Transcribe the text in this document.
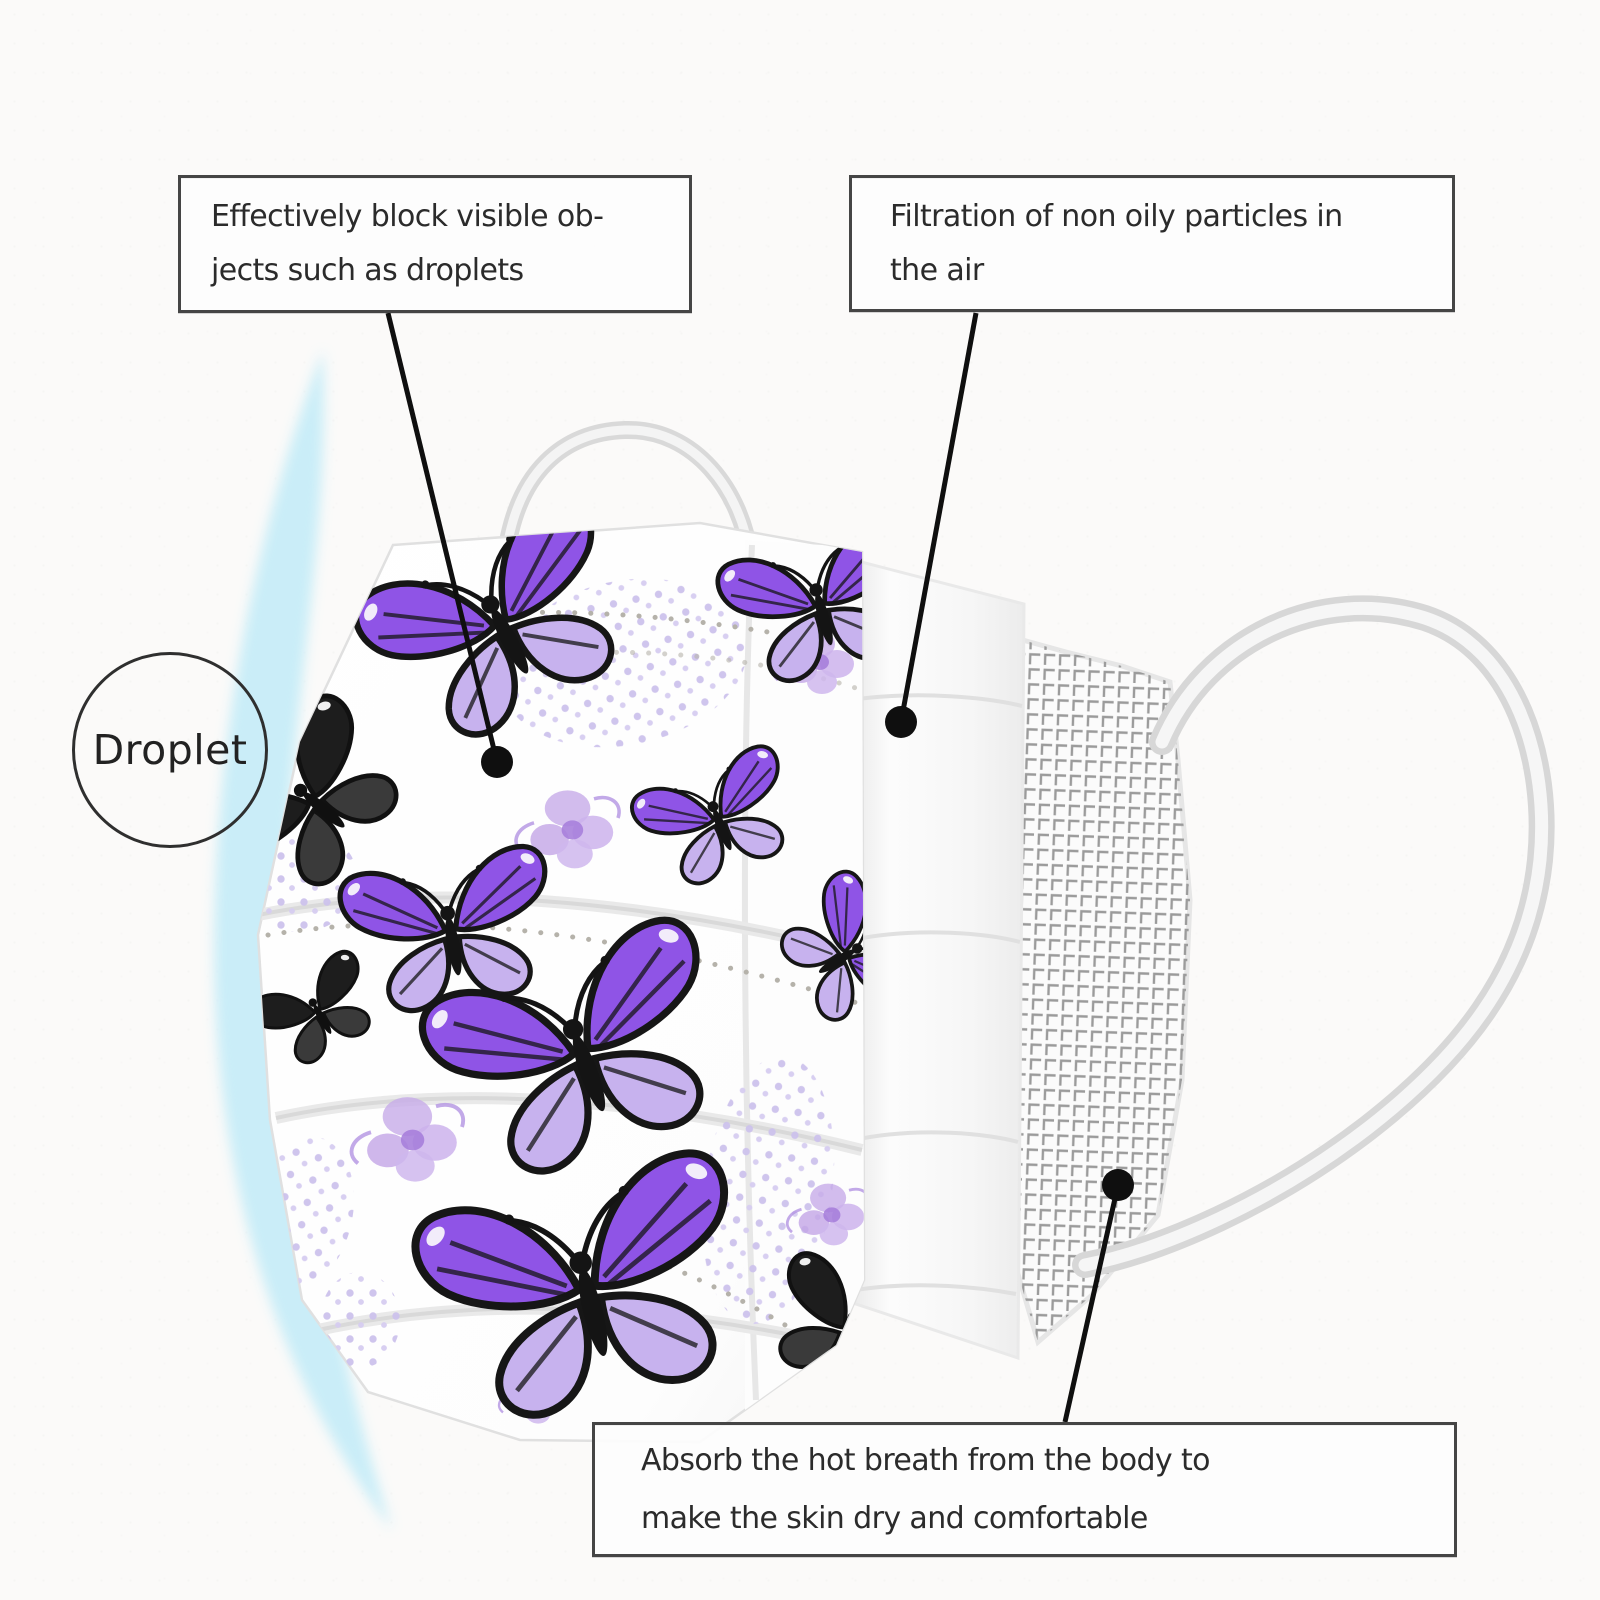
Effectively block visible ob-
jects such as droplets
Filtration of non oily particles in
the air
Absorb the hot breath from the body to
make the skin dry and comfortable
Droplet
